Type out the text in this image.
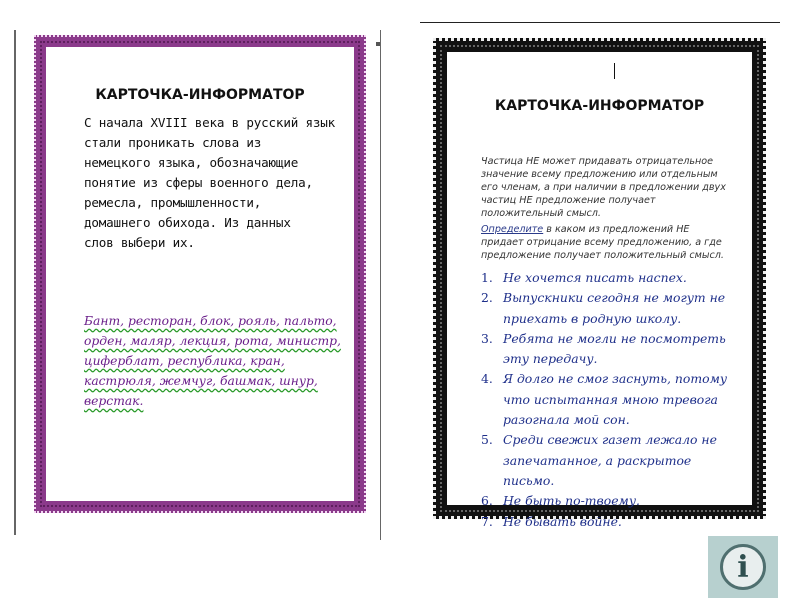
КАРТОЧКА-ИНФОРМАТОР
С начала XVIII века в русский язык
стали проникать слова из
немецкого языка, обозначающие
понятие из сферы военного дела,
ремесла, промышленности,
домашнего обихода. Из данных
слов выбери их.
Бант, ресторан, блок, рояль, пальто,
орден, маляр, лекция, рота, министр,
циферблат, республика, кран,
кастрюля, жемчуг, башмак, шнур,
верстак.
КАРТОЧКА-ИНФОРМАТОР
Частица НЕ может придавать отрицательное
значение всему предложению или отдельным
его членам, а при наличии в предложении двух
частиц НЕ предложение получает
положительный смысл.
Определите в каком из предложений НЕ
придает отрицание всему предложению, а где
предложение получает положительный смысл.
1. Не хочется писать наспех.
2. Выпускники сегодня не могут не
приехать в родную школу.
3. Ребята не могли не посмотреть
эту передачу.
4. Я долго не смог заснуть, потому
что испытанная мною тревога
разогнала мой сон.
5. Среди свежих газет лежало не
запечатанное, а раскрытое
письмо.
6. Не быть по-твоему.
7. Не бывать войне.
i
